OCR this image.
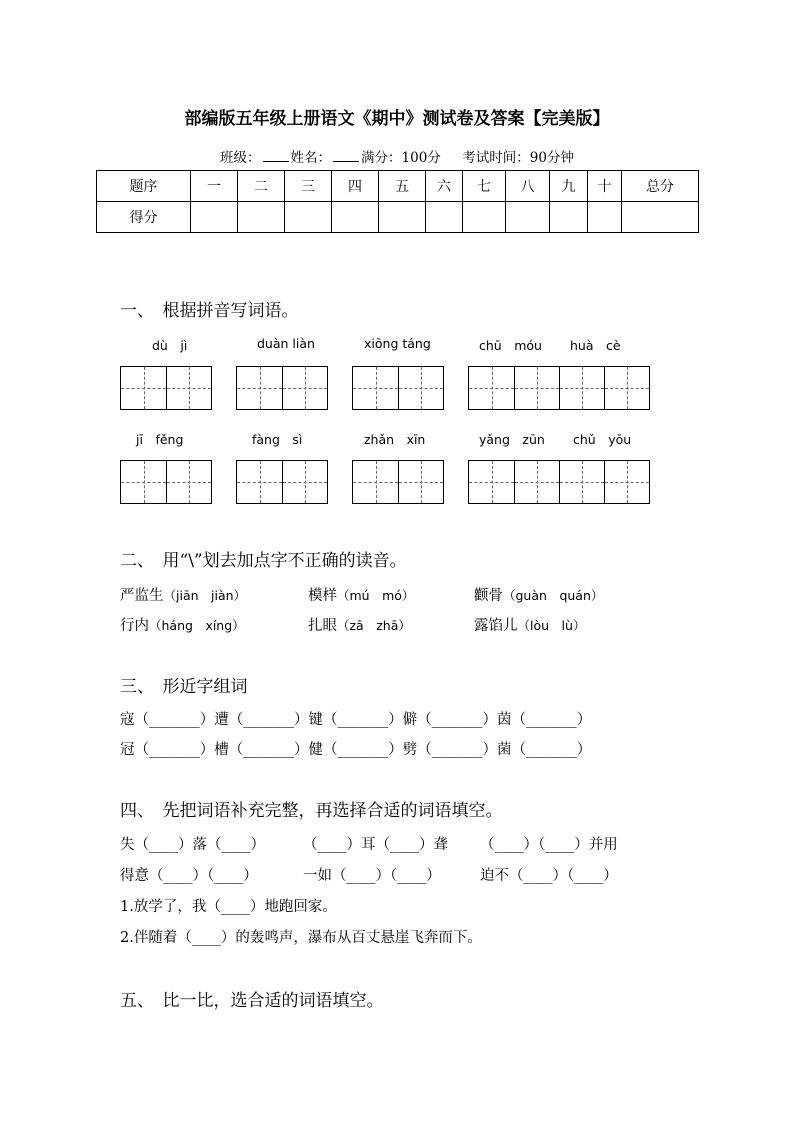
部编版五年级上册语文《期中》测试卷及答案【完美版】
班级： 姓名： 满分：100分 考试时间：90分钟
题序	一	二	三	四	五	六	七	八	九	十	总分
得分											
一、　根据拼音写词语。
dù　jì	duàn liàn	xiōng táng	chū　móu huà　cè
jī　fěng	fàng　sì	zhǎn　xīn	yǎng　zūn chǔ　yōu
二、　用“\”划去加点字不正确的读音。
严监生（jiān　jiàn）	模样（mú　mó）	颧骨（guàn　quán）
行内（háng　xíng）	扎眼（zā　zhā）	露馅儿（lòu　lù）
三、　形近字组词
寇（_______）遭（_______）键（_______）僻（_______）茵（_______）
冠（_______）槽（_______）健（_______）劈（_______）菌（_______）
四、　先把词语补充完整，再选择合适的词语填空。
失（____）落（____）	（____）耳（____）聋 （____）（____）并用
得意（____）（____）	一如（____）（____）	迫不（____）（____）
1.放学了，我（____）地跑回家。
2.伴随着（____）的轰鸣声，瀑布从百丈悬崖飞奔而下。
五、　比一比，选合适的词语填空。
